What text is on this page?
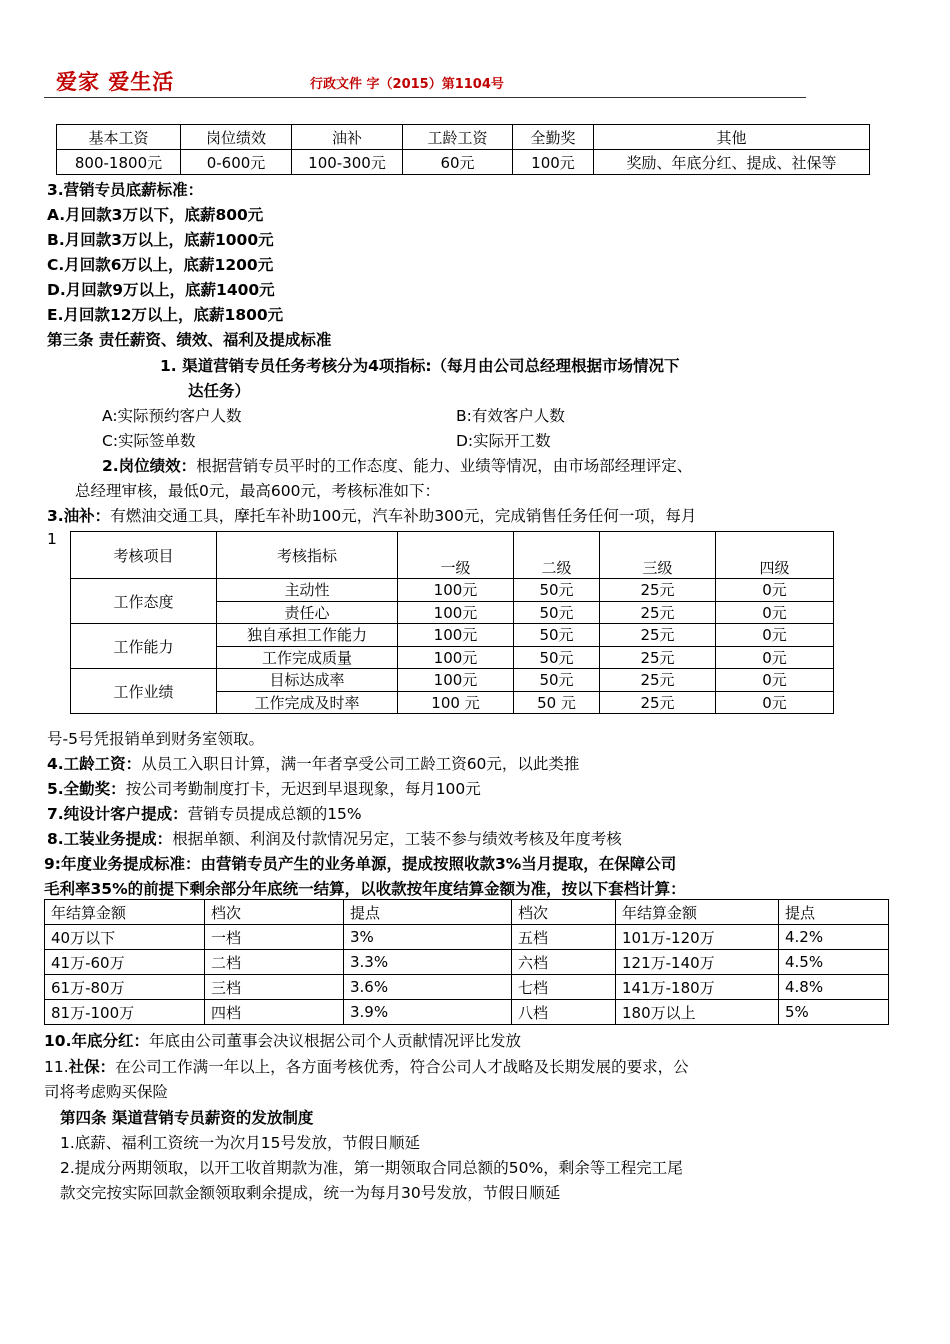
爱家 爱生活	行政文件 字（2015）第1104号
基本工资	岗位绩效	油补	工龄工资	全勤奖	其他
800-1800元	0-600元	100-300元	60元	100元	奖励、年底分红、提成、社保等
3.营销专员底薪标准：
A.月回款3万以下，底薪800元
B.月回款3万以上，底薪1000元
C.月回款6万以上，底薪1200元
D.月回款9万以上，底薪1400元
E.月回款12万以上，底薪1800元
第三条 责任薪资、绩效、福利及提成标准
1. 渠道营销专员任务考核分为4项指标:（每月由公司总经理根据市场情况下
达任务）
A:实际预约客户人数	B:有效客户人数
C:实际签单数	D:实际开工数
2.岗位绩效：根据营销专员平时的工作态度、能力、业绩等情况，由市场部经理评定、
总经理审核，最低0元，最高600元，考核标准如下：
3.油补：有燃油交通工具，摩托车补助100元，汽车补助300元，完成销售任务任何一项，每月
1
考核项目	考核指标	一级	二级	三级	四级
工作态度	主动性	100元	50元	25元	0元
	责任心	100元	50元	25元	0元
工作能力	独自承担工作能力	100元	50元	25元	0元
	工作完成质量	100元	50元	25元	0元
工作业绩	目标达成率	100元	50元	25元	0元
	工作完成及时率	100 元	50 元	25元	0元
号-5号凭报销单到财务室领取。
4.工龄工资：从员工入职日计算，满一年者享受公司工龄工资60元，以此类推
5.全勤奖：按公司考勤制度打卡，无迟到早退现象，每月100元
7.纯设计客户提成：营销专员提成总额的15%
8.工装业务提成：根据单额、利润及付款情况另定，工装不参与绩效考核及年度考核
9:年度业务提成标准：由营销专员产生的业务单源，提成按照收款3%当月提取，在保障公司
毛利率35%的前提下剩余部分年底统一结算，以收款按年度结算金额为准，按以下套档计算：
年结算金额	档次	提点	档次	年结算金额	提点
40万以下	一档	3%	五档	101万-120万	4.2%
41万-60万	二档	3.3%	六档	121万-140万	4.5%
61万-80万	三档	3.6%	七档	141万-180万	4.8%
81万-100万	四档	3.9%	八档	180万以上	5%
10.年底分红：年底由公司董事会决议根据公司个人贡献情况评比发放
11.社保：在公司工作满一年以上，各方面考核优秀，符合公司人才战略及长期发展的要求，公
司将考虑购买保险
第四条 渠道营销专员薪资的发放制度
1.底薪、福利工资统一为次月15号发放，节假日顺延
2.提成分两期领取，以开工收首期款为准，第一期领取合同总额的50%，剩余等工程完工尾
款交完按实际回款金额领取剩余提成，统一为每月30号发放，节假日顺延
